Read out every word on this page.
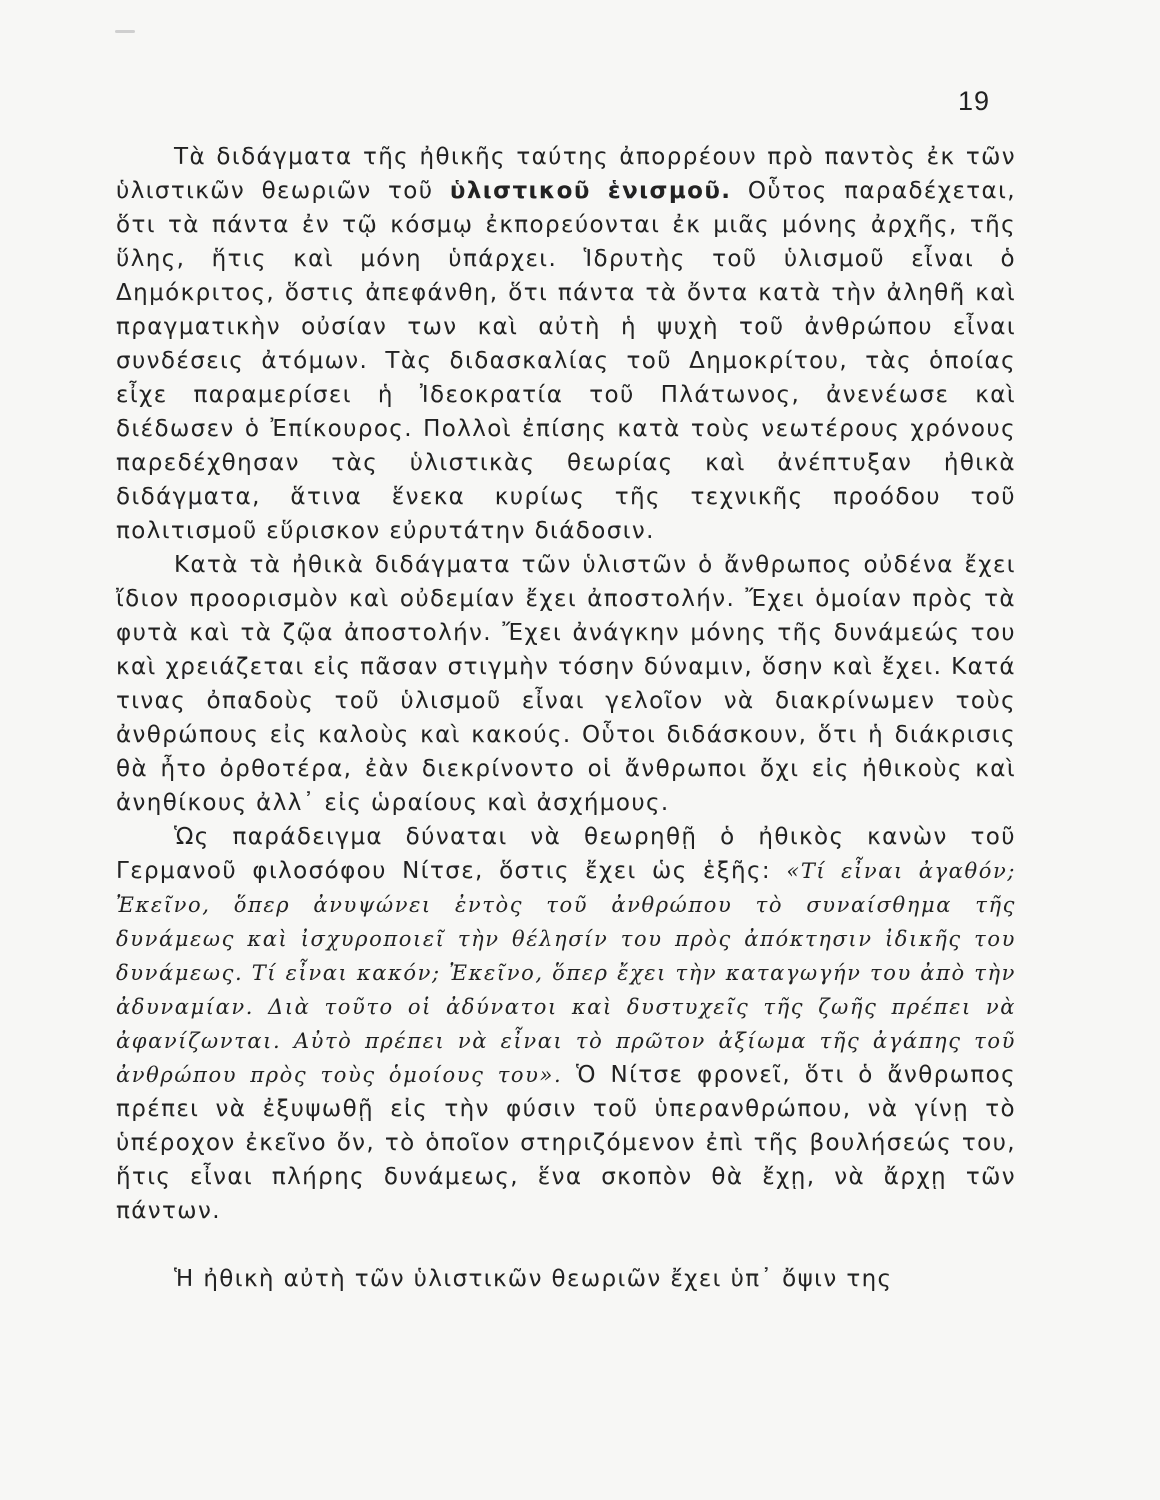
19

Τὰ διδάγματα τῆς ἠθικῆς ταύτης ἀπορρέουν πρὸ παντὸς ἐκ τῶν ὑλιστικῶν θεωριῶν τοῦ ὑλιστικοῦ ἑνισμοῦ. Οὗτος παραδέχεται, ὅτι τὰ πάντα ἐν τῷ κόσμῳ ἐκπορεύονται ἐκ μιᾶς μόνης ἀρχῆς, τῆς ὕλης, ἥτις καὶ μόνη ὑπάρχει. Ἱδρυτὴς τοῦ ὑλισμοῦ εἶναι ὁ Δημόκριτος, ὅστις ἀπεφάνθη, ὅτι πάντα τὰ ὄντα κατὰ τὴν ἀληθῆ καὶ πραγματικὴν οὐσίαν των καὶ αὐτὴ ἡ ψυχὴ τοῦ ἀνθρώπου εἶναι συνδέσεις ἀτόμων. Τὰς διδασκαλίας τοῦ Δημοκρίτου, τὰς ὁποίας εἶχε παραμερίσει ἡ Ἰδεοκρατία τοῦ Πλάτωνος, ἀνενέωσε καὶ διέδωσεν ὁ Ἐπίκουρος. Πολλοὶ ἐπίσης κατὰ τοὺς νεωτέρους χρόνους παρεδέχθησαν τὰς ὑλιστικὰς θεωρίας καὶ ἀνέπτυξαν ἠθικὰ διδάγματα, ἅτινα ἕνεκα κυρίως τῆς τεχνικῆς προόδου τοῦ πολιτισμοῦ εὕρισκον εὐρυτάτην διάδοσιν.

Κατὰ τὰ ἠθικὰ διδάγματα τῶν ὑλιστῶν ὁ ἄνθρωπος οὐδένα ἔχει ἴδιον προορισμὸν καὶ οὐδεμίαν ἔχει ἀποστολήν. Ἔχει ὁμοίαν πρὸς τὰ φυτὰ καὶ τὰ ζῷα ἀποστολήν. Ἔχει ἀνάγκην μόνης τῆς δυνάμεώς του καὶ χρειάζεται εἰς πᾶσαν στιγμὴν τόσην δύναμιν, ὅσην καὶ ἔχει. Κατά τινας ὀπαδοὺς τοῦ ὑλισμοῦ εἶναι γελοῖον νὰ διακρίνωμεν τοὺς ἀνθρώπους εἰς καλοὺς καὶ κακούς. Οὗτοι διδάσκουν, ὅτι ἡ διάκρισις θὰ ἦτο ὀρθοτέρα, ἐὰν διεκρίνοντο οἱ ἄνθρωποι ὄχι εἰς ἠθικοὺς καὶ ἀνηθίκους ἀλλ᾽ εἰς ὡραίους καὶ ἀσχήμους.

Ὡς παράδειγμα δύναται νὰ θεωρηθῇ ὁ ἠθικὸς κανὼν τοῦ Γερμανοῦ φιλοσόφου Νίτσε, ὅστις ἔχει ὡς ἑξῆς: «Τί εἶναι ἀγαθόν; Ἐκεῖνο, ὅπερ ἀνυψώνει ἐντὸς τοῦ ἀνθρώπου τὸ συναίσθημα τῆς δυνάμεως καὶ ἰσχυροποιεῖ τὴν θέλησίν του πρὸς ἀπόκτησιν ἰδικῆς του δυνάμεως. Τί εἶναι κακόν; Ἐκεῖνο, ὅπερ ἔχει τὴν καταγωγήν του ἀπὸ τὴν ἀδυναμίαν. Διὰ τοῦτο οἱ ἀδύνατοι καὶ δυστυχεῖς τῆς ζωῆς πρέπει νὰ ἀφανίζωνται. Αὐτὸ πρέπει νὰ εἶναι τὸ πρῶτον ἀξίωμα τῆς ἀγάπης τοῦ ἀνθρώπου πρὸς τοὺς ὁμοίους του». Ὁ Νίτσε φρονεῖ, ὅτι ὁ ἄνθρωπος πρέπει νὰ ἐξυψωθῇ εἰς τὴν φύσιν τοῦ ὑπερανθρώπου, νὰ γίνῃ τὸ ὑπέροχον ἐκεῖνο ὄν, τὸ ὁποῖον στηριζόμενον ἐπὶ τῆς βουλήσεώς του, ἥτις εἶναι πλήρης δυνάμεως, ἕνα σκοπὸν θὰ ἔχῃ, νὰ ἄρχῃ τῶν πάντων.

Ἡ ἠθικὴ αὐτὴ τῶν ὑλιστικῶν θεωριῶν ἔχει ὑπ᾽ ὄψιν της
